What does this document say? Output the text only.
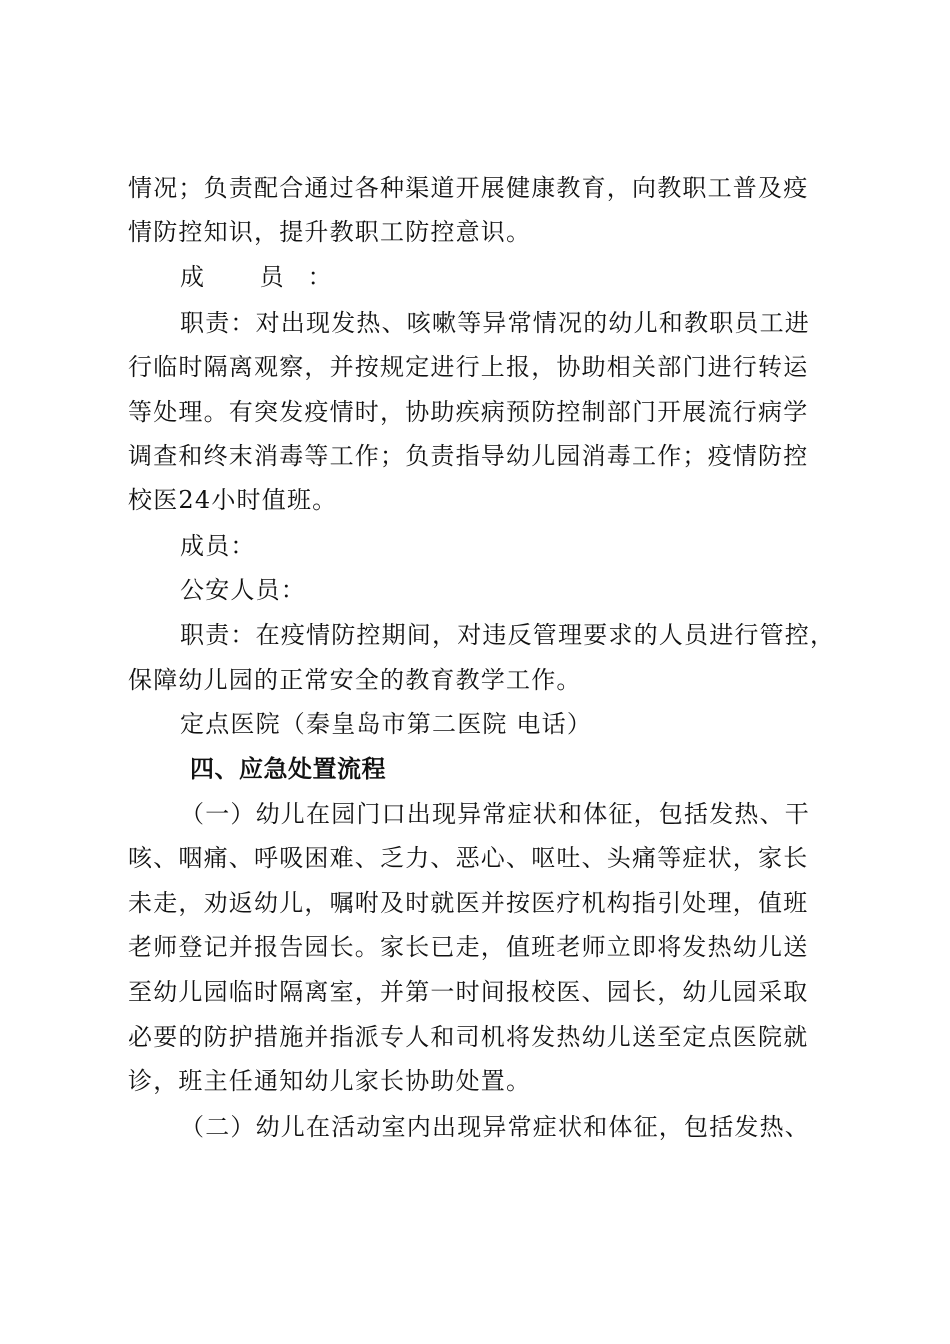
情况；负责配合通过各种渠道开展健康教育，向教职工普及疫
情防控知识，提升教职工防控意识。
成 员：
职责：对出现发热、咳嗽等异常情况的幼儿和教职员工进
行临时隔离观察，并按规定进行上报，协助相关部门进行转运
等处理。有突发疫情时，协助疾病预防控制部门开展流行病学
调查和终末消毒等工作；负责指导幼儿园消毒工作；疫情防控
校医24小时值班。
成员：
公安人员：
职责：在疫情防控期间，对违反管理要求的人员进行管控，
保障幼儿园的正常安全的教育教学工作。
定点医院（秦皇岛市第二医院 电话）
四、应急处置流程
（一）幼儿在园门口出现异常症状和体征，包括发热、干
咳、咽痛、呼吸困难、乏力、恶心、呕吐、头痛等症状，家长
未走，劝返幼儿，嘱咐及时就医并按医疗机构指引处理，值班
老师登记并报告园长。家长已走，值班老师立即将发热幼儿送
至幼儿园临时隔离室，并第一时间报校医、园长，幼儿园采取
必要的防护措施并指派专人和司机将发热幼儿送至定点医院就
诊，班主任通知幼儿家长协助处置。
（二）幼儿在活动室内出现异常症状和体征，包括发热、
